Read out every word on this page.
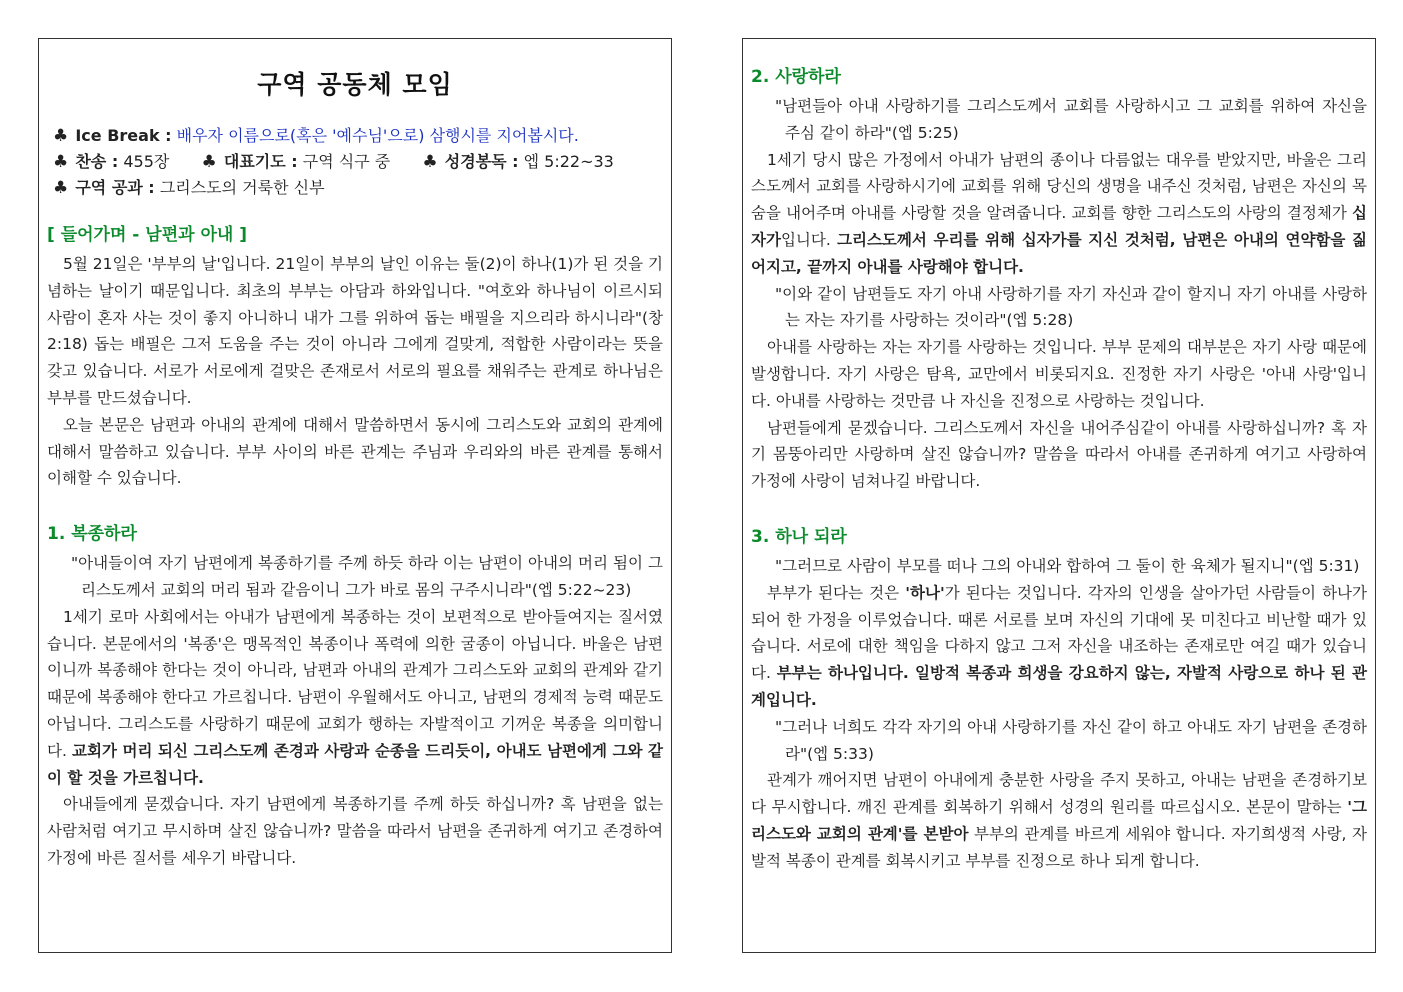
구역 공동체 모임
♣ Ice Break : 배우자 이름으로(혹은 '예수님'으로) 삼행시를 지어봅시다.
♣ 찬송 : 455장 ♣ 대표기도 : 구역 식구 중 ♣ 성경봉독 : 엡 5:22~33
♣ 구역 공과 : 그리스도의 거룩한 신부
[ 들어가며 - 남편과 아내 ]

5월 21일은 '부부의 날'입니다. 21일이 부부의 날인 이유는 둘(2)이 하나(1)가 된 것을 기념하는 날이기 때문입니다. 최초의 부부는 아담과 하와입니다. "여호와 하나님이 이르시되 사람이 혼자 사는 것이 좋지 아니하니 내가 그를 위하여 돕는 배필을 지으리라 하시니라"(창 2:18) 돕는 배필은 그저 도움을 주는 것이 아니라 그에게 걸맞게, 적합한 사람이라는 뜻을 갖고 있습니다. 서로가 서로에게 걸맞은 존재로서 서로의 필요를 채워주는 관계로 하나님은 부부를 만드셨습니다.

오늘 본문은 남편과 아내의 관계에 대해서 말씀하면서 동시에 그리스도와 교회의 관계에 대해서 말씀하고 있습니다. 부부 사이의 바른 관계는 주님과 우리와의 바른 관계를 통해서 이해할 수 있습니다.

1. 복종하라

"아내들이여 자기 남편에게 복종하기를 주께 하듯 하라 이는 남편이 아내의 머리 됨이 그리스도께서 교회의 머리 됨과 같음이니 그가 바로 몸의 구주시니라"(엡 5:22~23)

1세기 로마 사회에서는 아내가 남편에게 복종하는 것이 보편적으로 받아들여지는 질서였습니다. 본문에서의 '복종'은 맹목적인 복종이나 폭력에 의한 굴종이 아닙니다. 바울은 남편이니까 복종해야 한다는 것이 아니라, 남편과 아내의 관계가 그리스도와 교회의 관계와 같기 때문에 복종해야 한다고 가르칩니다. 남편이 우월해서도 아니고, 남편의 경제적 능력 때문도 아닙니다. 그리스도를 사랑하기 때문에 교회가 행하는 자발적이고 기꺼운 복종을 의미합니다. 교회가 머리 되신 그리스도께 존경과 사랑과 순종을 드리듯이, 아내도 남편에게 그와 같이 할 것을 가르칩니다.

아내들에게 묻겠습니다. 자기 남편에게 복종하기를 주께 하듯 하십니까? 혹 남편을 없는 사람처럼 여기고 무시하며 살진 않습니까? 말씀을 따라서 남편을 존귀하게 여기고 존경하여 가정에 바른 질서를 세우기 바랍니다.

2. 사랑하라

"남편들아 아내 사랑하기를 그리스도께서 교회를 사랑하시고 그 교회를 위하여 자신을 주심 같이 하라"(엡 5:25)

1세기 당시 많은 가정에서 아내가 남편의 종이나 다름없는 대우를 받았지만, 바울은 그리스도께서 교회를 사랑하시기에 교회를 위해 당신의 생명을 내주신 것처럼, 남편은 자신의 목숨을 내어주며 아내를 사랑할 것을 알려줍니다. 교회를 향한 그리스도의 사랑의 결정체가 십자가입니다. 그리스도께서 우리를 위해 십자가를 지신 것처럼, 남편은 아내의 연약함을 짊어지고, 끝까지 아내를 사랑해야 합니다.

"이와 같이 남편들도 자기 아내 사랑하기를 자기 자신과 같이 할지니 자기 아내를 사랑하는 자는 자기를 사랑하는 것이라"(엡 5:28)

아내를 사랑하는 자는 자기를 사랑하는 것입니다. 부부 문제의 대부분은 자기 사랑 때문에 발생합니다. 자기 사랑은 탐욕, 교만에서 비롯되지요. 진정한 자기 사랑은 '아내 사랑'입니다. 아내를 사랑하는 것만큼 나 자신을 진정으로 사랑하는 것입니다.

남편들에게 묻겠습니다. 그리스도께서 자신을 내어주심같이 아내를 사랑하십니까? 혹 자기 몸뚱아리만 사랑하며 살진 않습니까? 말씀을 따라서 아내를 존귀하게 여기고 사랑하여 가정에 사랑이 넘쳐나길 바랍니다.

3. 하나 되라

"그러므로 사람이 부모를 떠나 그의 아내와 합하여 그 둘이 한 육체가 될지니"(엡 5:31)

부부가 된다는 것은 '하나'가 된다는 것입니다. 각자의 인생을 살아가던 사람들이 하나가 되어 한 가정을 이루었습니다. 때론 서로를 보며 자신의 기대에 못 미친다고 비난할 때가 있습니다. 서로에 대한 책임을 다하지 않고 그저 자신을 내조하는 존재로만 여길 때가 있습니다. 부부는 하나입니다. 일방적 복종과 희생을 강요하지 않는, 자발적 사랑으로 하나 된 관계입니다.

"그러나 너희도 각각 자기의 아내 사랑하기를 자신 같이 하고 아내도 자기 남편을 존경하라"(엡 5:33)

관계가 깨어지면 남편이 아내에게 충분한 사랑을 주지 못하고, 아내는 남편을 존경하기보다 무시합니다. 깨진 관계를 회복하기 위해서 성경의 원리를 따르십시오. 본문이 말하는 '그리스도와 교회의 관계'를 본받아 부부의 관계를 바르게 세워야 합니다. 자기희생적 사랑, 자발적 복종이 관계를 회복시키고 부부를 진정으로 하나 되게 합니다.
